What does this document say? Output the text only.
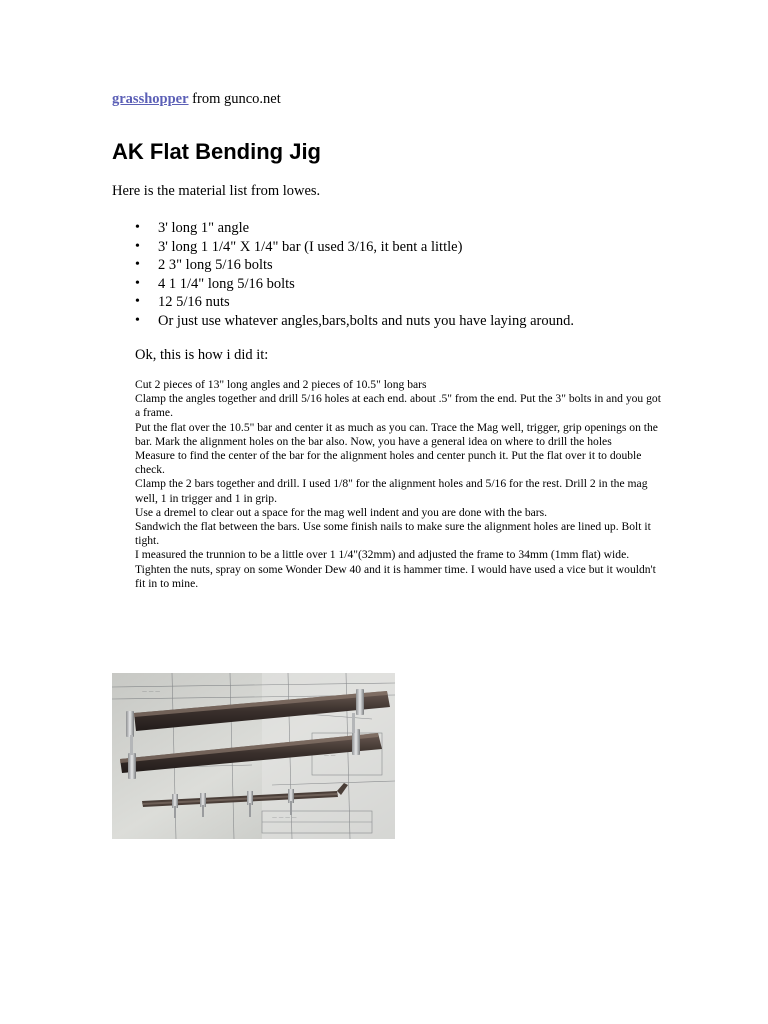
grasshopper from gunco.net
AK Flat Bending Jig

Here is the material list from lowes.

• 3' long 1" angle
• 3' long 1 1/4" X 1/4" bar (I used 3/16, it bent a little)
• 2 3" long 5/16 bolts
• 4 1 1/4" long 5/16 bolts
• 12 5/16 nuts
• Or just use whatever angles,bars,bolts and nuts you have laying around.

Ok, this is how i did it:

Cut 2 pieces of 13" long angles and 2 pieces of 10.5" long bars
Clamp the angles together and drill 5/16 holes at each end. about .5" from the end. Put the 3" bolts in and you got a frame.
Put the flat over the 10.5" bar and center it as much as you can. Trace the Mag well, trigger, grip openings on the bar. Mark the alignment holes on the bar also. Now, you have a general idea on where to drill the holes
Measure to find the center of the bar for the alignment holes and center punch it. Put the flat over it to double check.
Clamp the 2 bars together and drill. I used 1/8" for the alignment holes and 5/16 for the rest. Drill 2 in the mag well, 1 in trigger and 1 in grip.
Use a dremel to clear out a space for the mag well indent and you are done with the bars.
Sandwich the flat between the bars. Use some finish nails to make sure the alignment holes are lined up. Bolt it tight.
I measured the trunnion to be a little over 1 1/4"(32mm) and adjusted the frame to 34mm (1mm flat) wide.
Tighten the nuts, spray on some Wonder Dew 40 and it is hammer time. I would have used a vice but it wouldn't fit in to mine.
— —
— — — —
— — —
